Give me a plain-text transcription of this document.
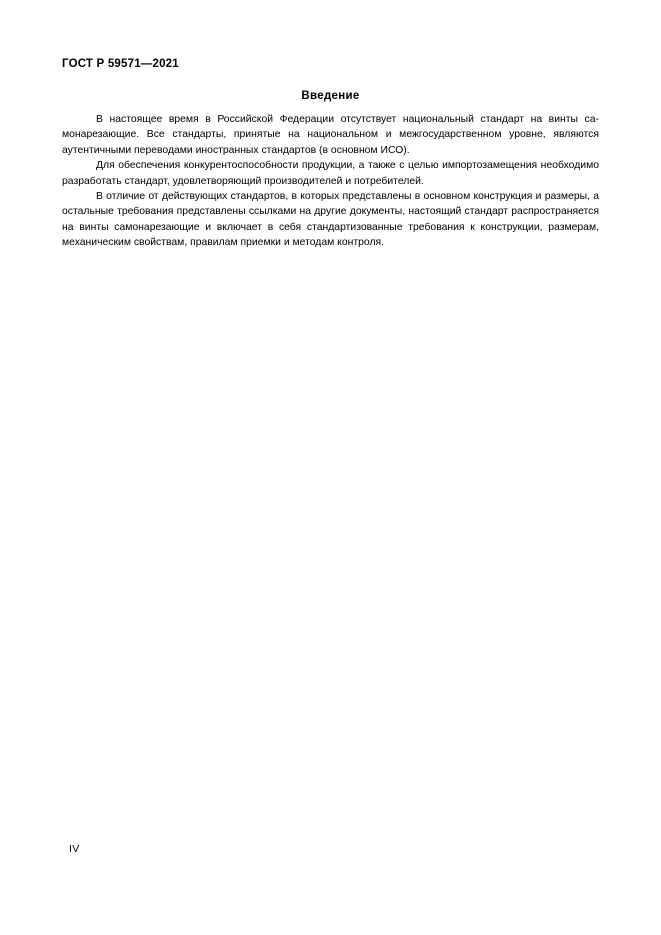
ГОСТ Р 59571—2021
Введение

В настоящее время в Российской Федерации отсутствует национальный стандарт на винты самонарезающие. Все стандарты, принятые на национальном и межгосударственном уровне, являются аутентичными переводами иностранных стандартов (в основном ИСО).

Для обеспечения конкурентоспособности продукции, а также с целью импортозамещения необходимо разработать стандарт, удовлетворяющий производителей и потребителей.

В отличие от действующих стандартов, в которых представлены в основном конструкция и размеры, а остальные требования представлены ссылками на другие документы, настоящий стандарт распространяется на винты самонарезающие и включает в себя стандартизованные требования к конструкции, размерам, механическим свойствам, правилам приемки и методам контроля.

IV
